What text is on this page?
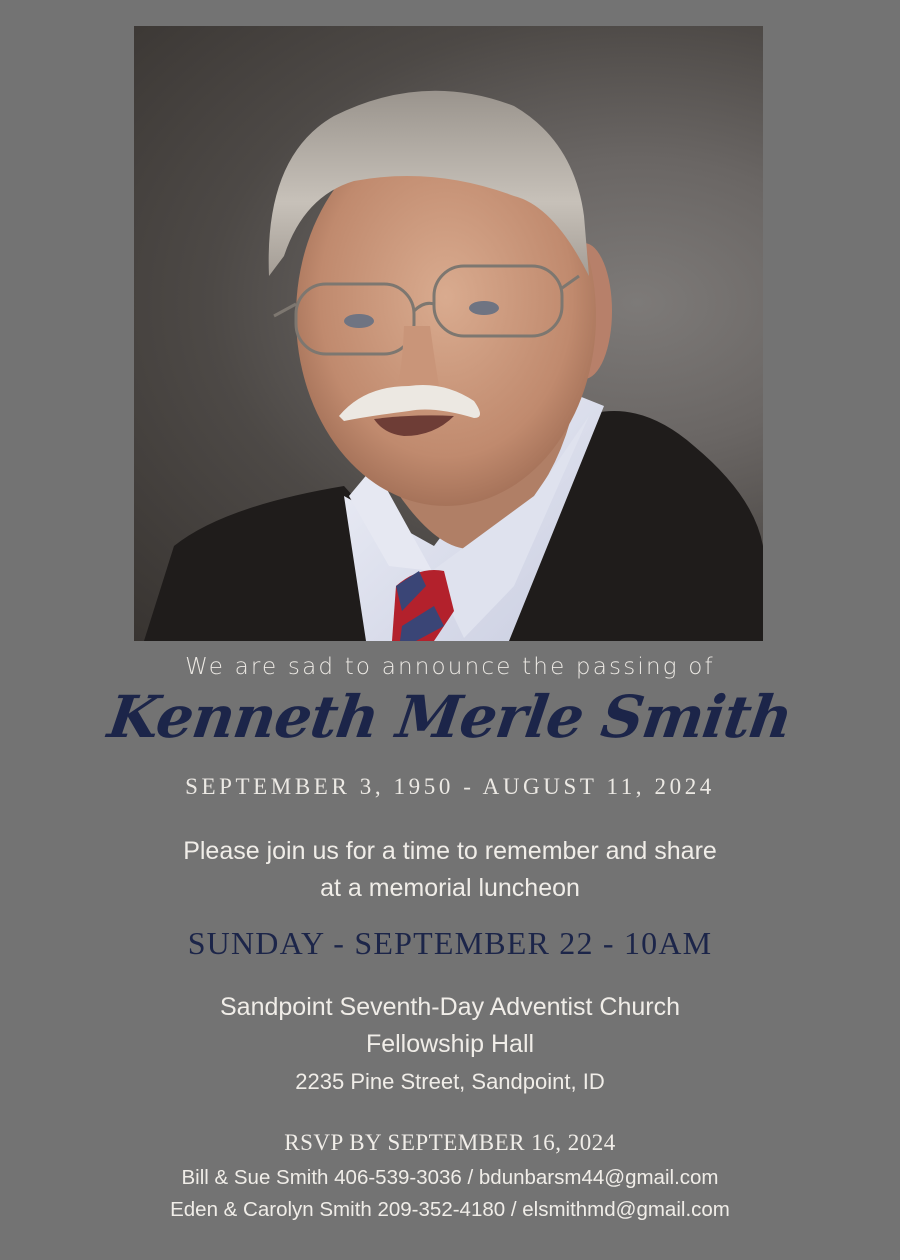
We are sad to announce the passing of
Kenneth Merle Smith
SEPTEMBER 3, 1950 - AUGUST 11, 2024
Please join us for a time to remember and share
at a memorial luncheon
SUNDAY - SEPTEMBER 22 - 10AM
Sandpoint Seventh-Day Adventist Church
Fellowship Hall
2235 Pine Street, Sandpoint, ID
RSVP BY SEPTEMBER 16, 2024
Bill & Sue Smith 406-539-3036 / bdunbarsm44@gmail.com
Eden & Carolyn Smith 209-352-4180 / elsmithmd@gmail.com
